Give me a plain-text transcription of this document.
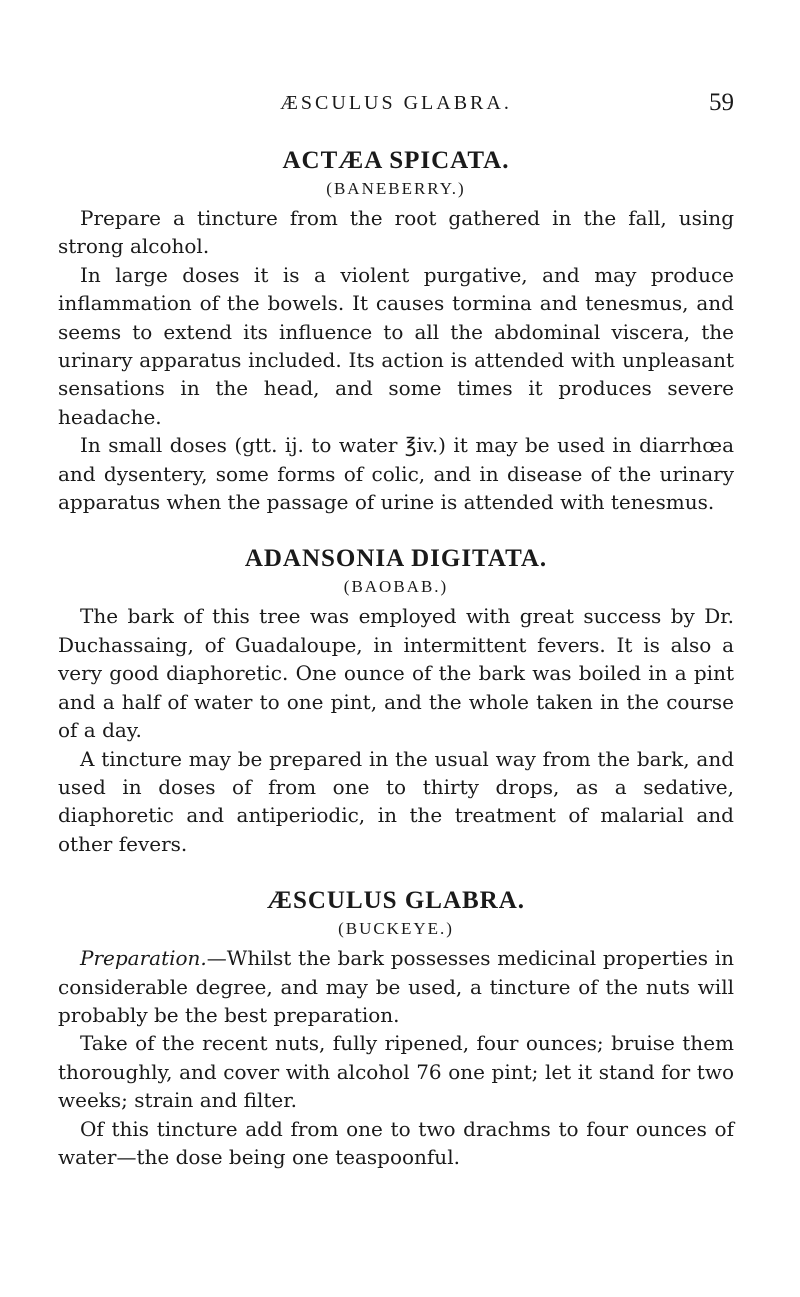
ÆSCULUS GLABRA.	59
ACTÆA SPICATA.
(BANEBERRY.)

Prepare a tincture from the root gathered in the fall, using strong alcohol.

In large doses it is a violent purgative, and may produce inflammation of the bowels. It causes tormina and tenesmus, and seems to extend its influence to all the abdominal viscera, the urinary apparatus included. Its action is attended with unpleasant sensations in the head, and some times it produces severe headache.

In small doses (gtt. ij. to water ℥iv.) it may be used in diarrhœa and dysentery, some forms of colic, and in disease of the urinary apparatus when the passage of urine is attended with tenesmus.

ADANSONIA DIGITATA.
(BAOBAB.)

The bark of this tree was employed with great success by Dr. Duchassaing, of Guadaloupe, in intermittent fevers. It is also a very good diaphoretic. One ounce of the bark was boiled in a pint and a half of water to one pint, and the whole taken in the course of a day.

A tincture may be prepared in the usual way from the bark, and used in doses of from one to thirty drops, as a sedative, diaphoretic and antiperiodic, in the treatment of malarial and other fevers.

ÆSCULUS GLABRA.
(BUCKEYE.)

Preparation.—Whilst the bark possesses medicinal properties in considerable degree, and may be used, a tincture of the nuts will probably be the best preparation.

Take of the recent nuts, fully ripened, four ounces; bruise them thoroughly, and cover with alcohol 76 one pint; let it stand for two weeks; strain and filter.

Of this tincture add from one to two drachms to four ounces of water—the dose being one teaspoonful.
